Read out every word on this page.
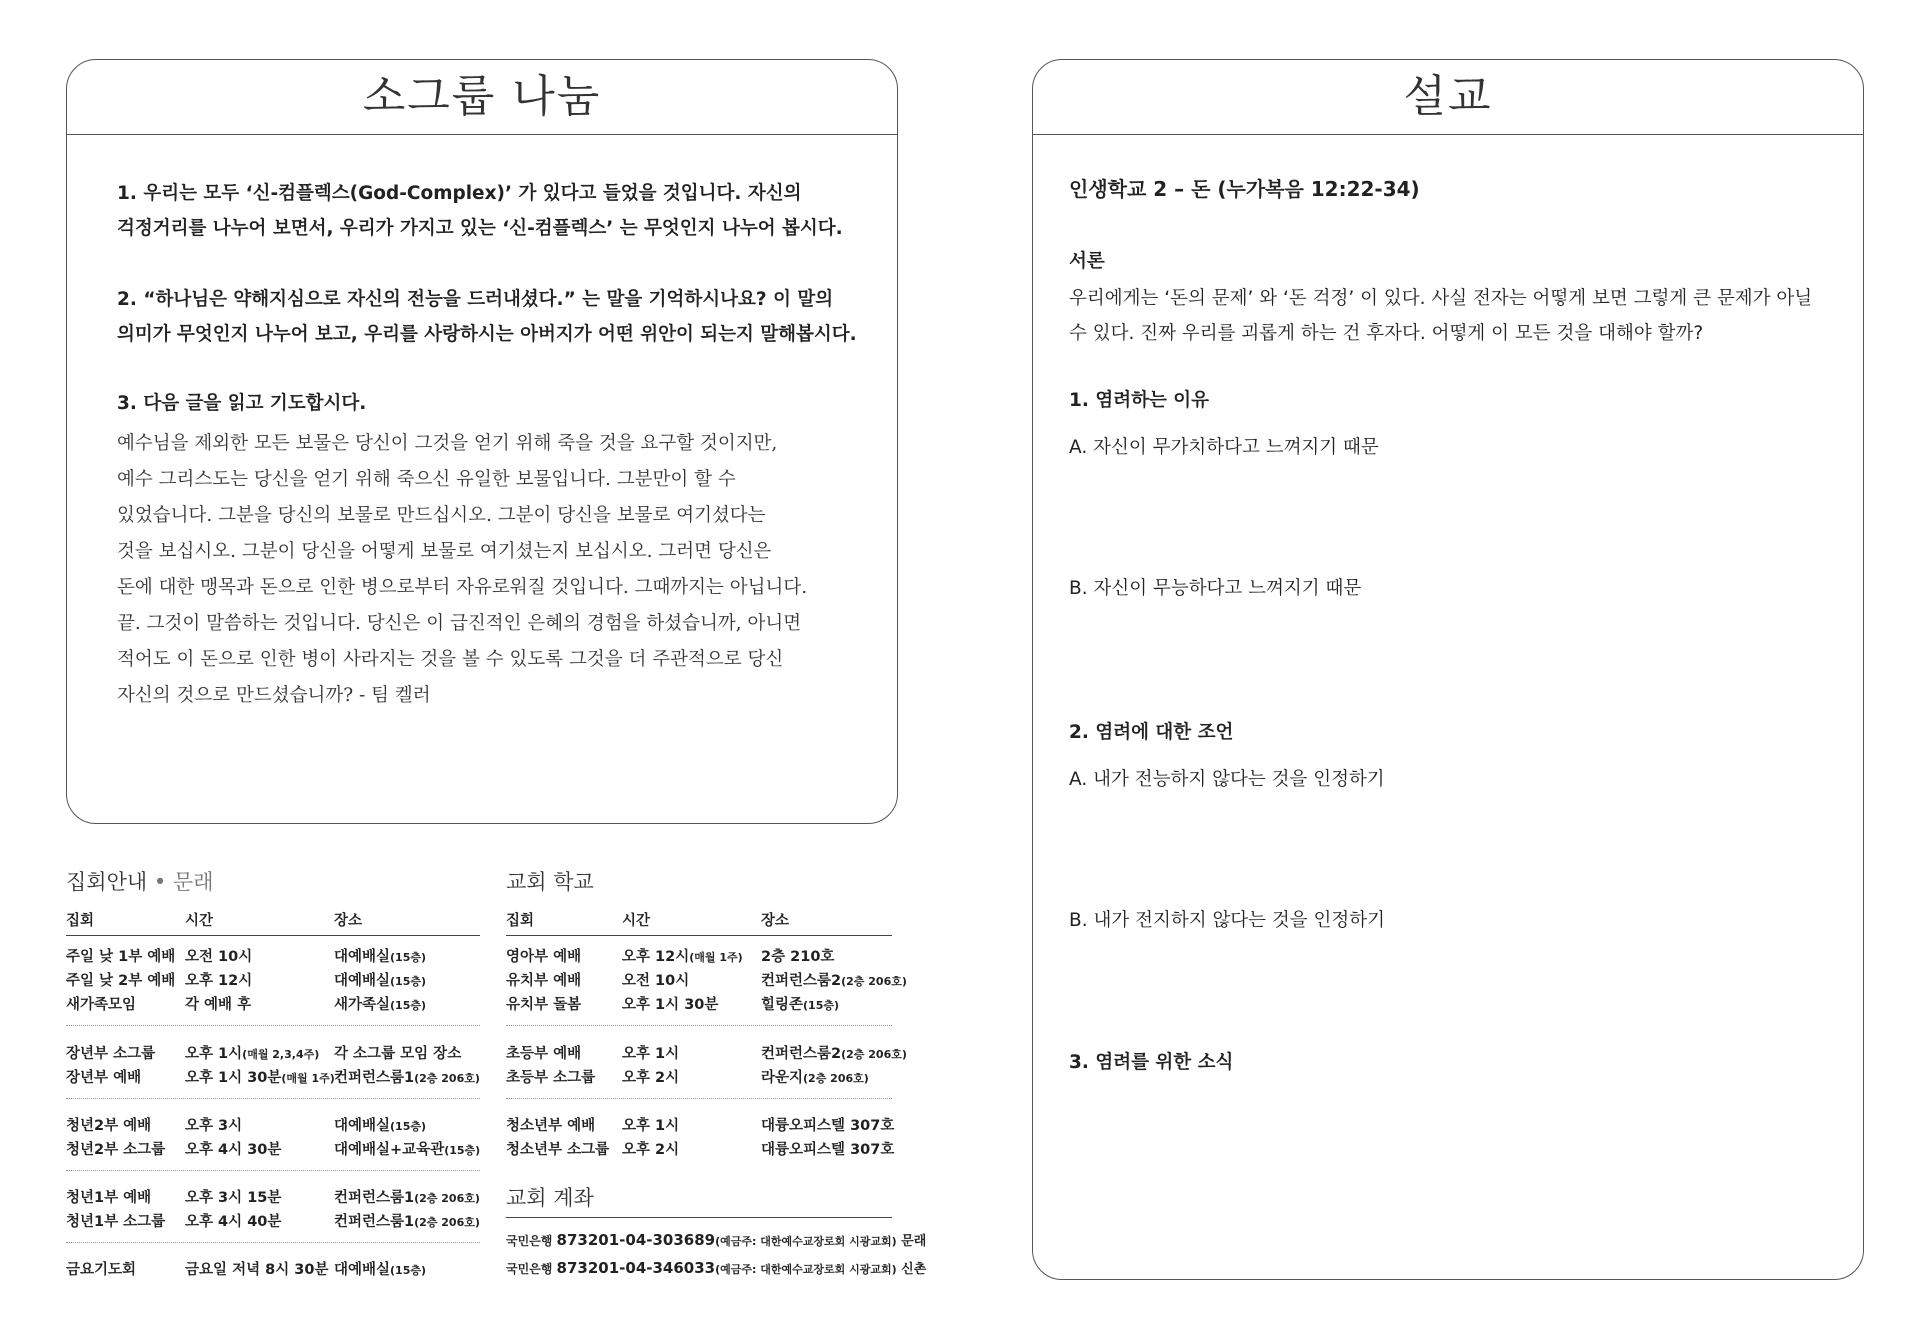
소그룹 나눔
1. 우리는 모두 ‘신-컴플렉스(God-Complex)’ 가 있다고 들었을 것입니다. 자신의
걱정거리를 나누어 보면서, 우리가 가지고 있는 ‘신-컴플렉스’ 는 무엇인지 나누어 봅시다.
2. “하나님은 약해지심으로 자신의 전능을 드러내셨다.” 는 말을 기억하시나요? 이 말의
의미가 무엇인지 나누어 보고, 우리를 사랑하시는 아버지가 어떤 위안이 되는지 말해봅시다.
3. 다음 글을 읽고 기도합시다.
예수님을 제외한 모든 보물은 당신이 그것을 얻기 위해 죽을 것을 요구할 것이지만,
예수 그리스도는 당신을 얻기 위해 죽으신 유일한 보물입니다. 그분만이 할 수
있었습니다. 그분을 당신의 보물로 만드십시오. 그분이 당신을 보물로 여기셨다는
것을 보십시오. 그분이 당신을 어떻게 보물로 여기셨는지 보십시오. 그러면 당신은
돈에 대한 맹목과 돈으로 인한 병으로부터 자유로워질 것입니다. 그때까지는 아닙니다.
끝. 그것이 말씀하는 것입니다. 당신은 이 급진적인 은혜의 경험을 하셨습니까, 아니면
적어도 이 돈으로 인한 병이 사라지는 것을 볼 수 있도록 그것을 더 주관적으로 당신
자신의 것으로 만드셨습니까? - 팀 켈러
설교
인생학교 2 – 돈 (누가복음 12:22-34)
서론
우리에게는 ‘돈의 문제’ 와 ‘돈 걱정’ 이 있다. 사실 전자는 어떻게 보면 그렇게 큰 문제가 아닐
수 있다. 진짜 우리를 괴롭게 하는 건 후자다. 어떻게 이 모든 것을 대해야 할까?
1. 염려하는 이유
A. 자신이 무가치하다고 느껴지기 때문
B. 자신이 무능하다고 느껴지기 때문
2. 염려에 대한 조언
A. 내가 전능하지 않다는 것을 인정하기
B. 내가 전지하지 않다는 것을 인정하기
3. 염려를 위한 소식
집회안내 • 문래
집회	시간	장소
주일 낮 1부 예배 오전 10시	대예배실(15층)
주일 낮 2부 예배 오후 12시	대예배실(15층)
새가족모임	각 예배 후	새가족실(15층)
장년부 소그룹 오후 1시(매월 2,3,4주) 각 소그룹 모임 장소
장년부 예배	오후 1시 30분(매월 1주) 컨퍼런스룸1(2층 206호)
청년2부 예배 오후 3시	대예배실(15층)
청년2부 소그룹 오후 4시 30분	대예배실+교육관(15층)
청년1부 예배 오후 3시 15분	컨퍼런스룸1(2층 206호)
청년1부 소그룹 오후 4시 40분	컨퍼런스룸1(2층 206호)
금요기도회	금요일 저녁 8시 30분 대예배실(15층)
교회 학교
집회	시간	장소
영아부 예배	오후 12시(매월 1주) 2층 210호
유치부 예배	오전 10시	컨퍼런스룸2(2층 206호)
유치부 돌봄	오후 1시 30분	힐링존(15층)
초등부 예배	오후 1시	컨퍼런스룸2(2층 206호)
초등부 소그룹 오후 2시	라운지(2층 206호)
청소년부 예배 오후 1시	대륭오피스텔 307호
청소년부 소그룹 오후 2시	대륭오피스텔 307호
교회 계좌
국민은행 873201-04-303689(예금주: 대한예수교장로회 시광교회) 문래
국민은행 873201-04-346033(예금주: 대한예수교장로회 시광교회) 신촌
